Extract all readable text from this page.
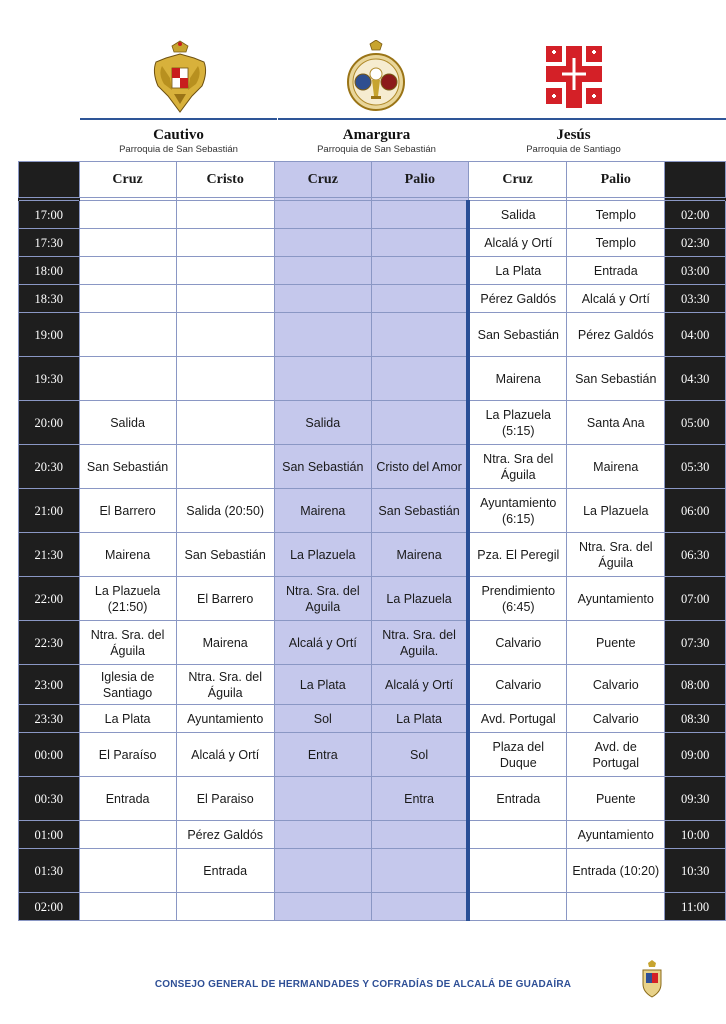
Cautivo
Parroquia de San Sebastián
Amargura
Parroquia de San Sebastián
Jesús
Parroquia de Santiago
	Cruz	Cristo	Cruz	Palio	Cruz	Palio	

17:00					Salida	Templo	02:00
17:30					Alcalá y Ortí	Templo	02:30
18:00					La Plata	Entrada	03:00
18:30					Pérez Galdós	Alcalá y Ortí	03:30
19:00					San Sebastián	Pérez Galdós	04:00
19:30					Mairena	San Sebastián	04:30
20:00	Salida		Salida		La Plazuela (5:15)	Santa Ana	05:00
20:30	San Sebastián		San Sebastián	Cristo del Amor	Ntra. Sra del Águila	Mairena	05:30
21:00	El Barrero	Salida (20:50)	Mairena	San Sebastián	Ayuntamiento (6:15)	La Plazuela	06:00
21:30	Mairena	San Sebastián	La Plazuela	Mairena	Pza. El Peregil	Ntra. Sra. del Águila	06:30
22:00	La Plazuela (21:50)	El Barrero	Ntra. Sra. del Aguila	La Plazuela	Prendimiento (6:45)	Ayuntamiento	07:00
22:30	Ntra. Sra. del Águila	Mairena	Alcalá y Ortí	Ntra. Sra. del Aguila.	Calvario	Puente	07:30
23:00	Iglesia de Santiago	Ntra. Sra. del Águila	La Plata	Alcalá y Ortí	Calvario	Calvario	08:00
23:30	La Plata	Ayuntamiento	Sol	La Plata	Avd. Portugal	Calvario	08:30
00:00	El Paraíso	Alcalá y Ortí	Entra	Sol	Plaza del Duque	Avd. de Portugal	09:00
00:30	Entrada	El Paraiso		Entra	Entrada	Puente	09:30
01:00		Pérez Galdós				Ayuntamiento	10:00
01:30		Entrada				Entrada (10:20)	10:30
02:00							11:00
CONSEJO GENERAL DE HERMANDADES Y COFRADÍAS DE ALCALÁ DE GUADAÍRA
